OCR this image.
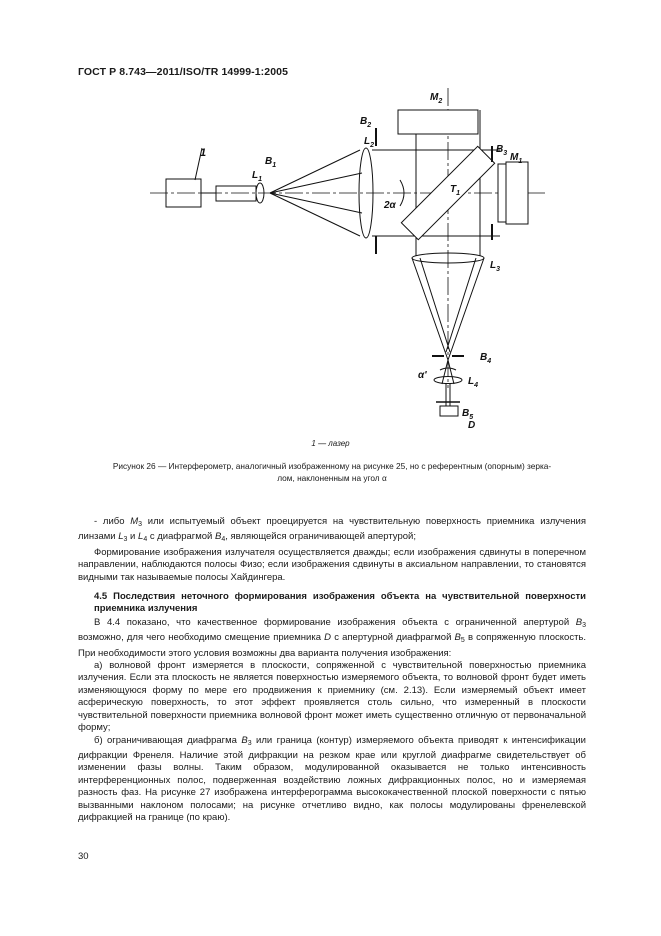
ГОСТ Р 8.743—2011/ISO/TR 14999-1:2005
$M_2$
$B_2$
$L_2$	$B_3$ $M_1$
1
$B_1$
$L_1$
$T_1$
2α
$L_3$
$B_4$
α'
$L_4$
$B_5$
D
1 — лазер
Рисунок 26 — Интерферометр, аналогичный изображенному на рисунке 25, но с референтным (опорным) зерка-
лом, наклоненным на угол α

- либо $M_3$ или испытуемый объект проецируется на чувствительную поверхность приемника излучения линзами $L_3$ и $L_4$ с диафрагмой $B_4$, являющейся ограничивающей апертурой;

Формирование изображения излучателя осуществляется дважды; если изображения сдвинуты в поперечном направлении, наблюдаются полосы Физо; если изображения сдвинуты в аксиальном направлении, то становятся видными так называемые полосы Хайдингера.

4.5 Последствия неточного формирования изображения объекта на чувствительной поверхности приемника излучения

В 4.4 показано, что качественное формирование изображения объекта с ограниченной апертурой $B_3$ возможно, для чего необходимо смещение приемника D с апертурной диафрагмой $B_5$ в сопряженную плоскость. При необходимости этого условия возможны два варианта получения изображения:

а) волновой фронт измеряется в плоскости, сопряженной с чувствительной поверхностью приемника излучения. Если эта плоскость не является поверхностью измеряемого объекта, то волновой фронт будет иметь изменяющуюся форму по мере его продвижения к приемнику (см. 2.13). Если измеряемый объект имеет асферическую поверхность, то этот эффект проявляется столь сильно, что измеренный в плоскости чувствительной поверхности приемника волновой фронт может иметь существенно отличную от первоначальной форму;

б) ограничивающая диафрагма $B_3$ или граница (контур) измеряемого объекта приводят к интенсификации дифракции Френеля. Наличие этой дифракции на резком крае или круглой диафрагме свидетельствует об изменении фазы волны. Таким образом, модулированной оказывается не только интенсивность интерференционных полос, подверженная воздействию ложных дифракционных полос, но и измеряемая разность фаз. На рисунке 27 изображена интерферограмма высококачественной плоской поверхности с пятью вызванными наклоном полосами; на рисунке отчетливо видно, как полосы модулированы френелевской дифракцией на границе (по краю).

30
